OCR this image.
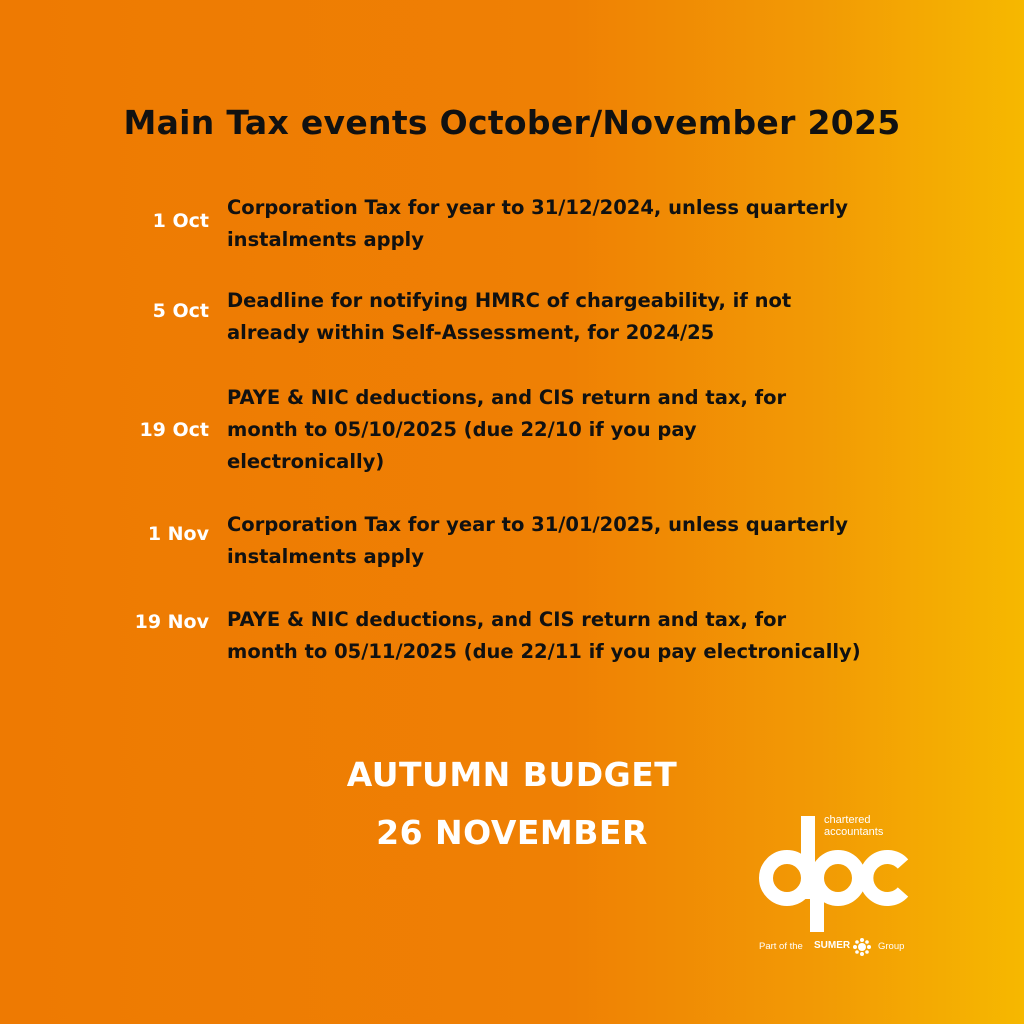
Main Tax events October/November 2025
1 Oct
Corporation Tax for year to 31/12/2024, unless quarterly
instalments apply
5 Oct Deadline for notifying HMRC of chargeability, if not
already within Self-Assessment, for 2024/25
19 Oct
PAYE & NIC deductions, and CIS return and tax, for
month to 05/10/2025 (due 22/10 if you pay
electronically)
1 Nov Corporation Tax for year to 31/01/2025, unless quarterly
instalments apply
19 Nov PAYE & NIC deductions, and CIS return and tax, for
month to 05/11/2025 (due 22/11 if you pay electronically)
AUTUMN BUDGET
26 NOVEMBER	chartered
accountants
Part of the SUMER	Group
